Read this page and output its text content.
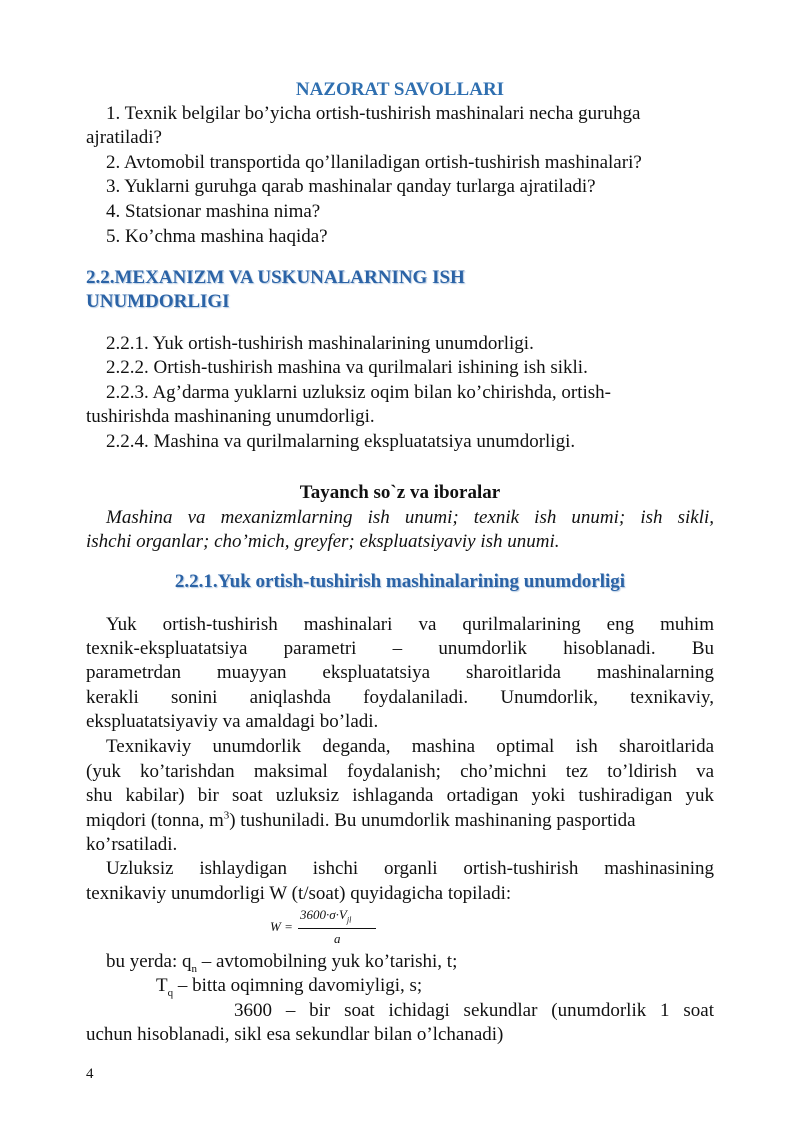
NAZORAT SAVOLLARI
1. Texnik belgilar bo’yicha ortish-tushirish mashinalari necha guruhga
ajratiladi?
2. Avtomobil transportida qo’llaniladigan ortish-tushirish mashinalari?
3. Yuklarni guruhga qarab mashinalar qanday turlarga ajratiladi?
4. Statsionar mashina nima?
5. Ko’chma mashina haqida?
2.2.MEXANIZM VA USKUNALARNING ISH
UNUMDORLIGI
2.2.1. Yuk ortish-tushirish mashinalarining unumdorligi.
2.2.2. Ortish-tushirish mashina va qurilmalari ishining ish sikli.
2.2.3. Ag’darma yuklarni uzluksiz oqim bilan ko’chirishda, ortish-
tushirishda mashinaning unumdorligi.
2.2.4. Mashina va qurilmalarning ekspluatatsiya unumdorligi.
Tayanch so`z va iboralar
Mashina va mexanizmlarning ish unumi; texnik ish unumi; ish sikli,
ishchi organlar; cho’mich, greyfer; ekspluatsiyaviy ish unumi.
2.2.1.Yuk ortish-tushirish mashinalarining unumdorligi
Yuk ortish-tushirish mashinalari va qurilmalarining eng muhim
texnik-ekspluatatsiya parametri – unumdorlik hisoblanadi. Bu
parametrdan muayyan ekspluatatsiya sharoitlarida mashinalarning
kerakli sonini aniqlashda foydalaniladi. Unumdorlik, texnikaviy,
ekspluatatsiyaviy va amaldagi bo’ladi.
Texnikaviy unumdorlik deganda, mashina optimal ish sharoitlarida
(yuk ko’tarishdan maksimal foydalanish; cho’michni tez to’ldirish va
shu kabilar) bir soat uzluksiz ishlaganda ortadigan yoki tushiradigan yuk
miqdori (tonna, $m^3$) tushuniladi. Bu unumdorlik mashinaning pasportida
ko’rsatiladi.
Uzluksiz ishlaydigan ishchi organli ortish-tushirish mashinasining
texnikaviy unumdorligi W (t/soat) quyidagicha topiladi:
bu yerda: $q_n$ – avtomobilning yuk ko’tarishi, t;
$T_q$ – bitta oqimning davomiyligi, s;
3600 – bir soat ichidagi sekundlar (unumdorlik 1 soat
uchun hisoblanadi, sikl esa sekundlar bilan o’lchanadi)
W =
$3600\cdot\sigma\cdot V_{jl}$
a
4
